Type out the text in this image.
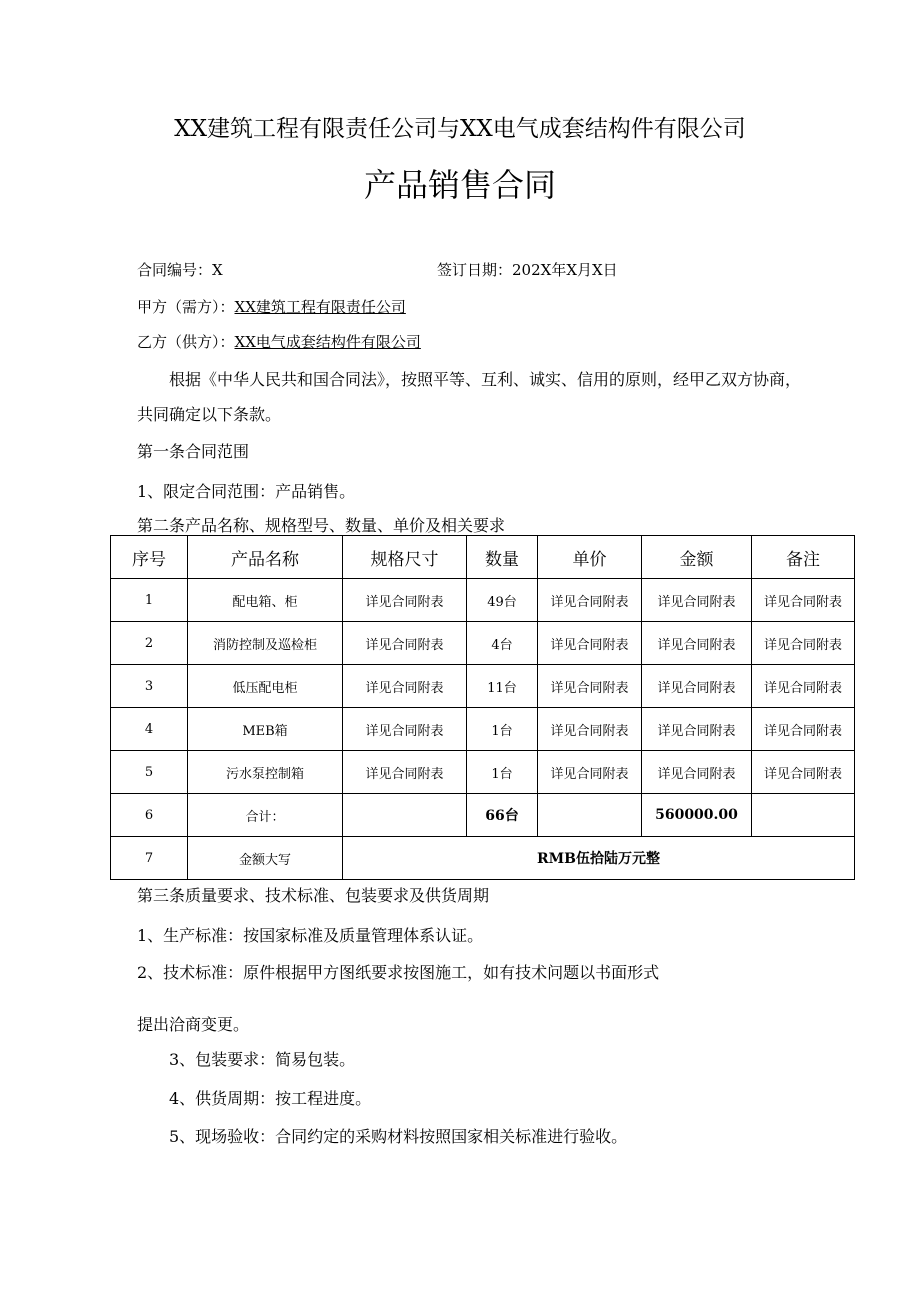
XX建筑工程有限责任公司与XX电气成套结构件有限公司
产品销售合同
合同编号：X	签订日期：202X年X月X日
甲方（需方）：XX建筑工程有限责任公司
乙方（供方）：XX电气成套结构件有限公司
根据《中华人民共和国合同法》，按照平等、互利、诚实、信用的原则，经甲乙双方协商，
共同确定以下条款。
第一条合同范围
1、限定合同范围：产品销售。
第二条产品名称、规格型号、数量、单价及相关要求
序号	产品名称	规格尺寸	数量	单价	金额	备注
1	配电箱、柜	详见合同附表	49台	详见合同附表	详见合同附表	详见合同附表
2	消防控制及巡检柜	详见合同附表	4台	详见合同附表	详见合同附表	详见合同附表
3	低压配电柜	详见合同附表	11台	详见合同附表	详见合同附表	详见合同附表
4	MEB箱	详见合同附表	1台	详见合同附表	详见合同附表	详见合同附表
5	污水泵控制箱	详见合同附表	1台	详见合同附表	详见合同附表	详见合同附表
6	合计：		66台		560000.00	
7	金额大写	RMB伍拾陆万元整				
第三条质量要求、技术标准、包装要求及供货周期
1、生产标准：按国家标准及质量管理体系认证。
2、技术标准：原件根据甲方图纸要求按图施工，如有技术问题以书面形式
提出洽商变更。
3、包装要求：简易包装。
4、供货周期：按工程进度。
5、现场验收：合同约定的采购材料按照国家相关标准进行验收。
